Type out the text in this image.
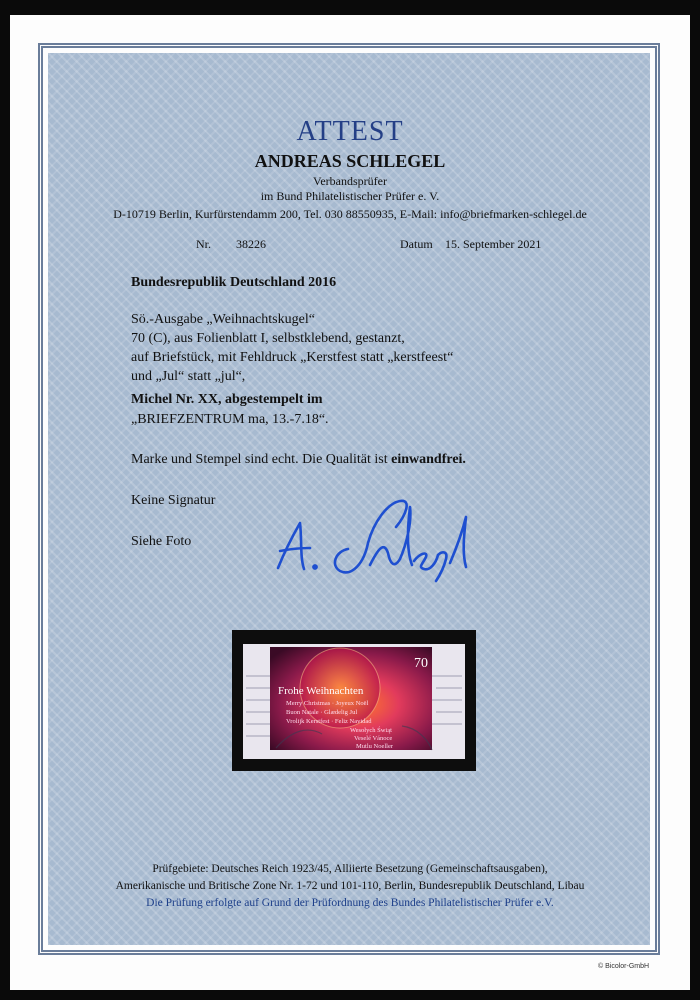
ATTEST
ANDREAS SCHLEGEL
Verbandsprüfer
im Bund Philatelistischer Prüfer e. V.
D-10719 Berlin, Kurfürstendamm 200, Tel. 030 88550935, E-Mail: info@briefmarken-schlegel.de
Nr. 38226	Datum 15. September 2021
Bundesrepublik Deutschland 2016
Sö.-Ausgabe „Weihnachtskugel“
70 (C), aus Folienblatt I, selbstklebend, gestanzt,
auf Briefstück, mit Fehldruck „Kerstfest statt „kerstfeest“
und „Jul“ statt „jul“,
Michel Nr. XX, abgestempelt im
„BRIEFZENTRUM ma, 13.-7.18“.
Marke und Stempel sind echt. Die Qualität ist einwandfrei.
Keine Signatur
Siehe Foto
70
Frohe Weihnachten
Merry Christmas · Joyeux Noël
Buon Natale · Glædelig Jul
Vrolijk Kerstfest · Feliz Navidad
Wesołych Świąt
Veselé Vánoce
Mutlu Noeller
Prüfgebiete: Deutsches Reich 1923/45, Alliierte Besetzung (Gemeinschaftsausgaben),
Amerikanische und Britische Zone Nr. 1-72 und 101-110, Berlin, Bundesrepublik Deutschland, Libau
Die Prüfung erfolgte auf Grund der Prüfordnung des Bundes Philatelistischer Prüfer e.V.
© Bicolor-GmbH
